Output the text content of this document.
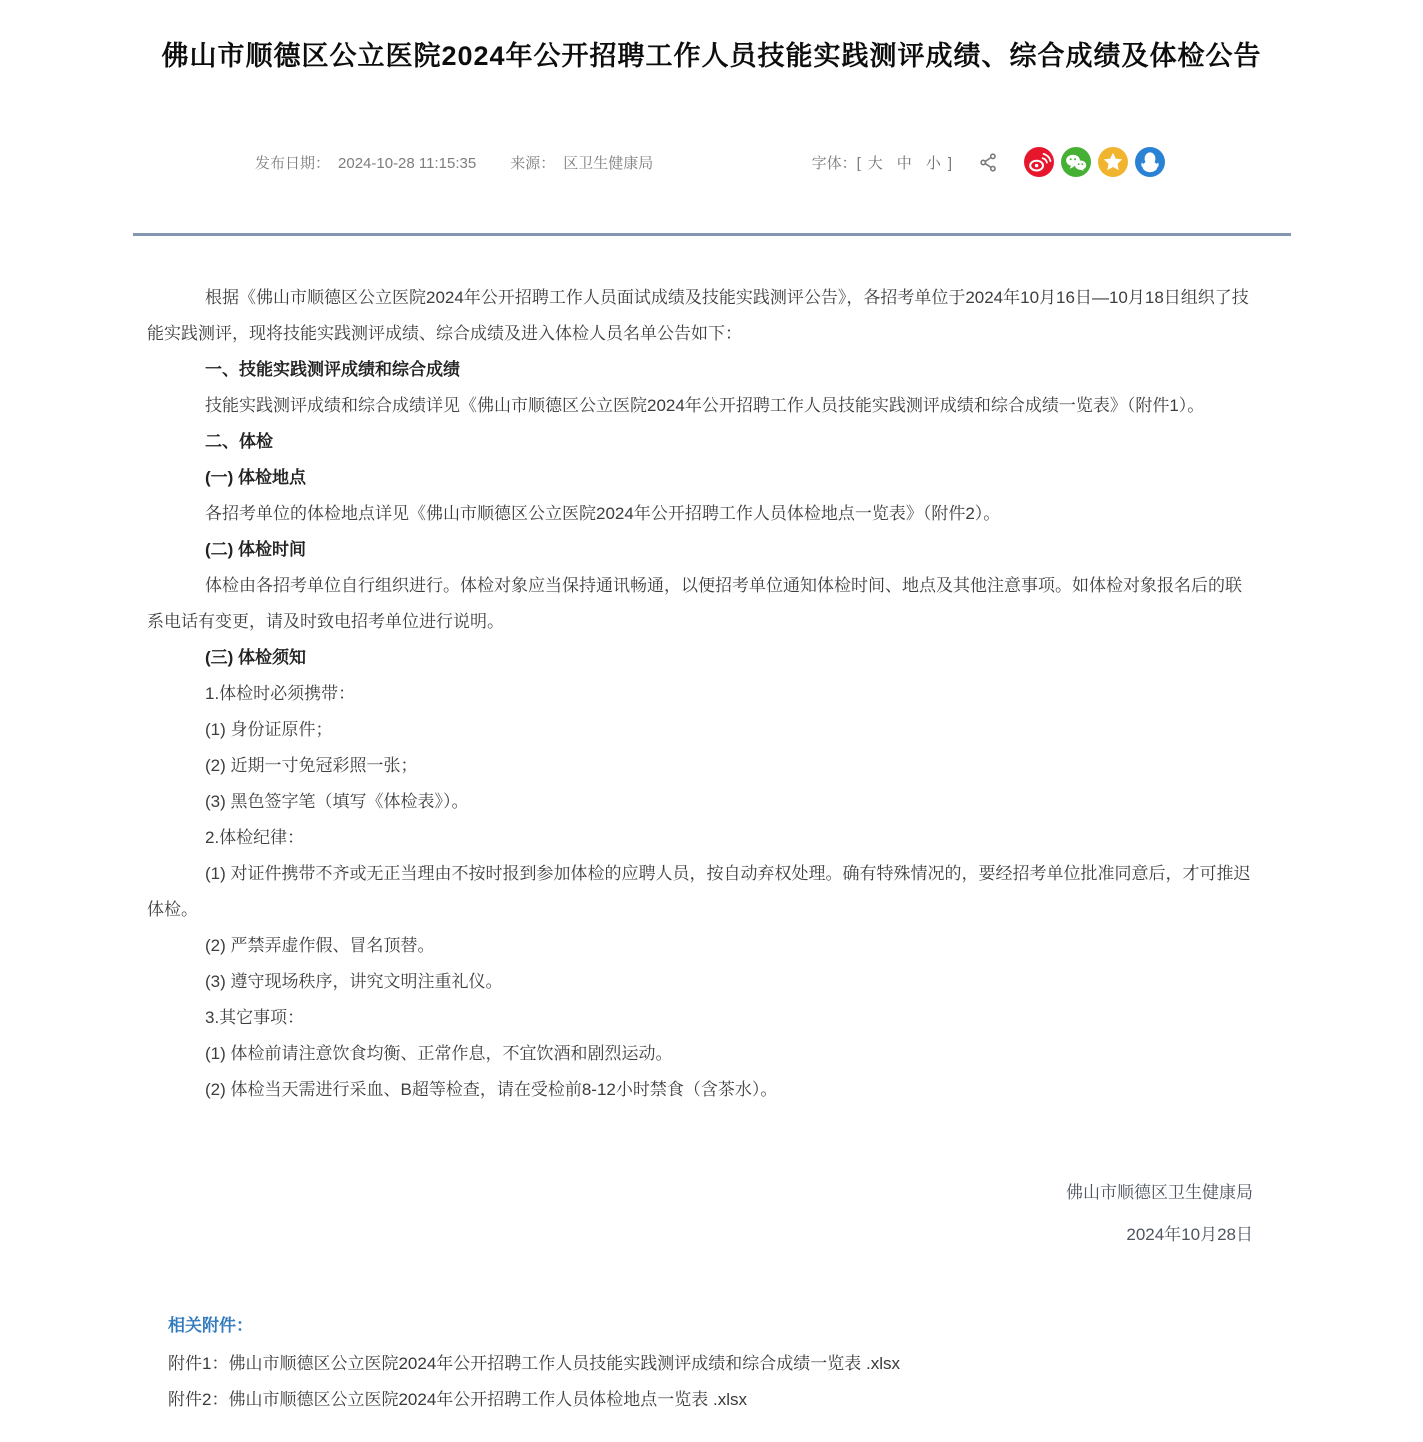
佛山市顺德区公立医院2024年公开招聘工作人员技能实践测评成绩、综合成绩及体检公告
发布日期： 2024-10-28 11:15:35 来源： 区卫生健康局	字体：[ 大 中 小 ]

根据《佛山市顺德区公立医院2024年公开招聘工作人员面试成绩及技能实践测评公告》，各招考单位于2024年10月16日—10月18日组织了技能实践测评，现将技能实践测评成绩、综合成绩及进入体检人员名单公告如下：

一、技能实践测评成绩和综合成绩

技能实践测评成绩和综合成绩详见《佛山市顺德区公立医院2024年公开招聘工作人员技能实践测评成绩和综合成绩一览表》（附件1）。

二、体检

(一) 体检地点

各招考单位的体检地点详见《佛山市顺德区公立医院2024年公开招聘工作人员体检地点一览表》（附件2）。

(二) 体检时间

体检由各招考单位自行组织进行。体检对象应当保持通讯畅通，以便招考单位通知体检时间、地点及其他注意事项。如体检对象报名后的联系电话有变更，请及时致电招考单位进行说明。

(三) 体检须知

1.体检时必须携带：

(1) 身份证原件；

(2) 近期一寸免冠彩照一张；

(3) 黑色签字笔（填写《体检表》）。

2.体检纪律：

(1) 对证件携带不齐或无正当理由不按时报到参加体检的应聘人员，按自动弃权处理。确有特殊情况的，要经招考单位批准同意后，才可推迟体检。

(2) 严禁弄虚作假、冒名顶替。

(3) 遵守现场秩序，讲究文明注重礼仪。

3.其它事项：

(1) 体检前请注意饮食均衡、正常作息，不宜饮酒和剧烈运动。

(2) 体检当天需进行采血、B超等检查，请在受检前8-12小时禁食（含茶水）。

佛山市顺德区卫生健康局
2024年10月28日
相关附件：
附件1：佛山市顺德区公立医院2024年公开招聘工作人员技能实践测评成绩和综合成绩一览表 .xlsx
附件2：佛山市顺德区公立医院2024年公开招聘工作人员体检地点一览表 .xlsx
